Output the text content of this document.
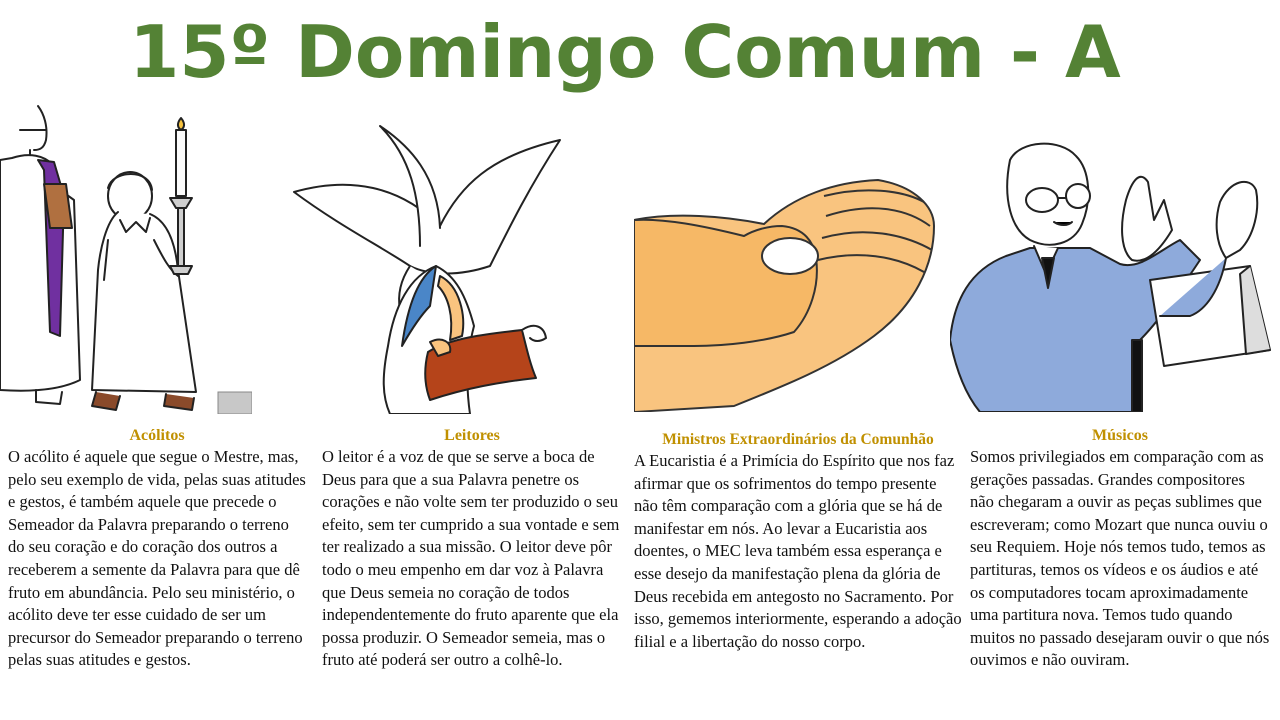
15º Domingo Comum - A
Acólitos

O acólito é aquele que segue o Mestre, mas, pelo seu exemplo de vida, pelas suas atitudes e gestos, é também aquele que precede o Semeador da Palavra preparando o terreno do seu coração e do coração dos outros a receberem a semente da Palavra para que dê fruto em abundância. Pelo seu ministério, o acólito deve ter esse cuidado de ser um precursor do Semeador preparando o terreno pelas suas atitudes e gestos.

Leitores

O leitor é a voz de que se serve a boca de Deus para que a sua Palavra penetre os corações e não volte sem ter produzido o seu efeito, sem ter cumprido a sua vontade e sem ter realizado a sua missão. O leitor deve pôr todo o meu empenho em dar voz à Palavra que Deus semeia no coração de todos independentemente do fruto aparente que ela possa produzir. O Semeador semeia, mas o fruto até poderá ser outro a colhê-lo.

Ministros Extraordinários da Comunhão

A Eucaristia é a Primícia do Espírito que nos faz afirmar que os sofrimentos do tempo presente não têm comparação com a glória que se há de manifestar em nós. Ao levar a Eucaristia aos doentes, o MEC leva também essa esperança e esse desejo da manifestação plena da glória de Deus recebida em antegosto no Sacramento. Por isso, gememos interiormente, esperando a adoção filial e a libertação do nosso corpo.

Músicos

Somos privilegiados em comparação com as gerações passadas. Grandes compositores não chegaram a ouvir as peças sublimes que escreveram; como Mozart que nunca ouviu o seu Requiem. Hoje nós temos tudo, temos as partituras, temos os vídeos e os áudios e até os computadores tocam aproximadamente uma partitura nova. Temos tudo quando muitos no passado desejaram ouvir o que nós ouvimos e não ouviram.
